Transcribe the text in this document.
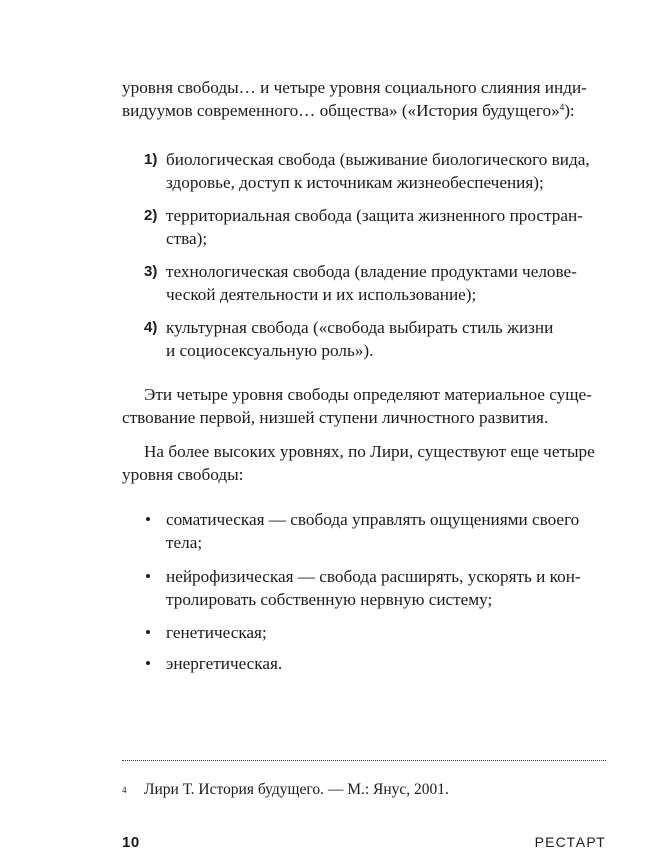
уровня свободы… и четыре уровня социального слияния инди-
видуумов современного… общества» («История будущего»$^4$):
1) биологическая свобода (выживание биологического вида,
здоровье, доступ к источникам жизнеобеспечения);
2) территориальная свобода (защита жизненного простран-
ства);
3) технологическая свобода (владение продуктами челове-
ческой деятельности и их использование);
4) культурная свобода («свобода выбирать стиль жизни
и социосексуальную роль»).
Эти четыре уровня свободы определяют материальное суще-
ствование первой, низшей ступени личностного развития.
На более высоких уровнях, по Лири, существуют еще четыре
уровня свободы:
• соматическая — свобода управлять ощущениями своего
тела;
• нейрофизическая — свобода расширять, ускорять и кон-
тролировать собственную нервную систему;
• генетическая;
• энергетическая.
4 Лири Т. История будущего. — М.: Янус, 2001.
10	РЕСТАРТ
